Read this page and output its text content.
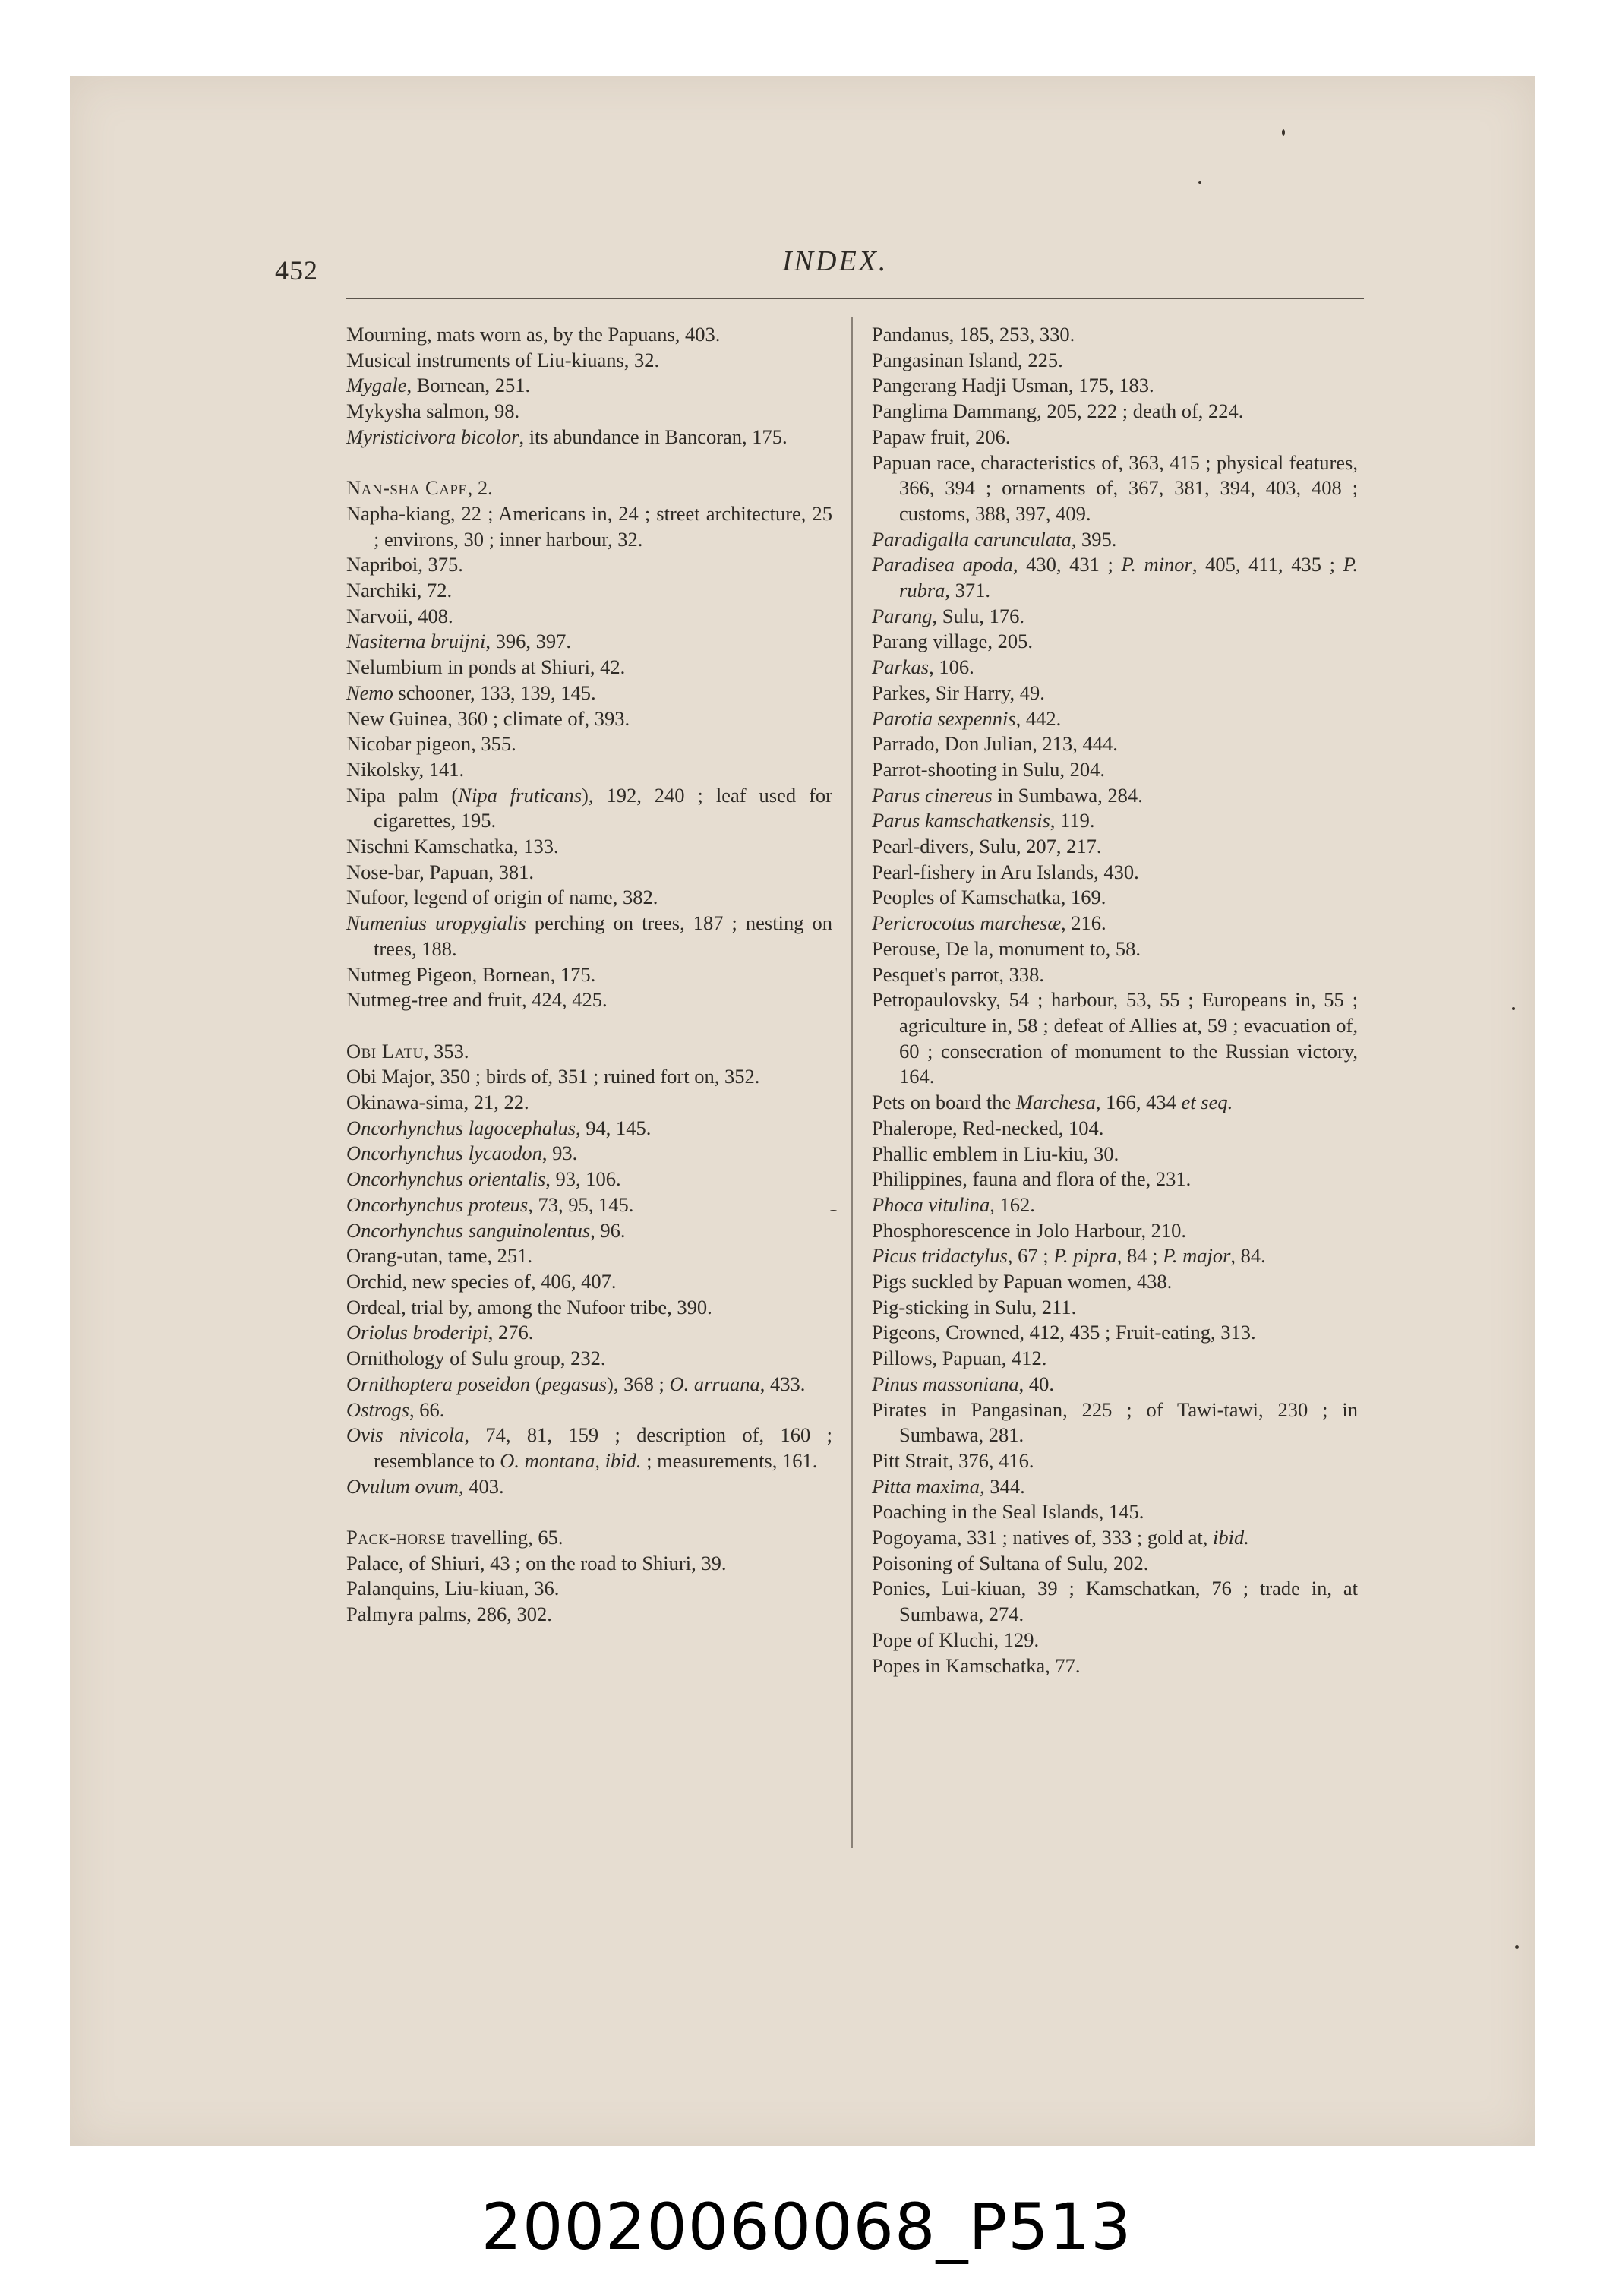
452	INDEX.
Mourning, mats worn as, by the Papuans, 403.
Musical instruments of Liu-kiuans, 32.
Mygale, Bornean, 251.
Mykysha salmon, 98.
Myristicivora bicolor, its abundance in Bancoran, 175.
Nan-sha Cape, 2.
Napha-kiang, 22 ; Americans in, 24 ; street architecture, 25 ; environs, 30 ; inner harbour, 32.
Napriboi, 375.
Narchiki, 72.
Narvoii, 408.
Nasiterna bruijni, 396, 397.
Nelumbium in ponds at Shiuri, 42.
Nemo schooner, 133, 139, 145.
New Guinea, 360 ; climate of, 393.
Nicobar pigeon, 355.
Nikolsky, 141.
Nipa palm (Nipa fruticans), 192, 240 ; leaf used for cigarettes, 195.
Nischni Kamschatka, 133.
Nose-bar, Papuan, 381.
Nufoor, legend of origin of name, 382.
Numenius uropygialis perching on trees, 187 ; nesting on trees, 188.
Nutmeg Pigeon, Bornean, 175.
Nutmeg-tree and fruit, 424, 425.
Obi Latu, 353.
Obi Major, 350 ; birds of, 351 ; ruined fort on, 352.
Okinawa-sima, 21, 22.
Oncorhynchus lagocephalus, 94, 145.
Oncorhynchus lycaodon, 93.
Oncorhynchus orientalis, 93, 106.
Oncorhynchus proteus, 73, 95, 145.
Oncorhynchus sanguinolentus, 96.
Orang-utan, tame, 251.
Orchid, new species of, 406, 407.
Ordeal, trial by, among the Nufoor tribe, 390.
Oriolus broderipi, 276.
Ornithology of Sulu group, 232.
Ornithoptera poseidon (pegasus), 368 ; O. arruana, 433.
Ostrogs, 66.
Ovis nivicola, 74, 81, 159 ; description of, 160 ; resemblance to O. montana, ibid. ; measurements, 161.
Ovulum ovum, 403.
Pack-horse travelling, 65.
Palace, of Shiuri, 43 ; on the road to Shiuri, 39.
Palanquins, Liu-kiuan, 36.
Palmyra palms, 286, 302.
Pandanus, 185, 253, 330.
Pangasinan Island, 225.
Pangerang Hadji Usman, 175, 183.
Panglima Dammang, 205, 222 ; death of, 224.
Papaw fruit, 206.
Papuan race, characteristics of, 363, 415 ; physical features, 366, 394 ; ornaments of, 367, 381, 394, 403, 408 ; customs, 388, 397, 409.
Paradigalla carunculata, 395.
Paradisea apoda, 430, 431 ; P. minor, 405, 411, 435 ; P. rubra, 371.
Parang, Sulu, 176.
Parang village, 205.
Parkas, 106.
Parkes, Sir Harry, 49.
Parotia sexpennis, 442.
Parrado, Don Julian, 213, 444.
Parrot-shooting in Sulu, 204.
Parus cinereus in Sumbawa, 284.
Parus kamschatkensis, 119.
Pearl-divers, Sulu, 207, 217.
Pearl-fishery in Aru Islands, 430.
Peoples of Kamschatka, 169.
Pericrocotus marchesæ, 216.
Perouse, De la, monument to, 58.
Pesquet's parrot, 338.
Petropaulovsky, 54 ; harbour, 53, 55 ; Europeans in, 55 ; agriculture in, 58 ; defeat of Allies at, 59 ; evacuation of, 60 ; consecration of monument to the Russian victory, 164.
Pets on board the Marchesa, 166, 434 et seq.
Phalerope, Red-necked, 104.
Phallic emblem in Liu-kiu, 30.
Philippines, fauna and flora of the, 231.
Phoca vitulina, 162.
Phosphorescence in Jolo Harbour, 210.
Picus tridactylus, 67 ; P. pipra, 84 ; P. major, 84.
Pigs suckled by Papuan women, 438.
Pig-sticking in Sulu, 211.
Pigeons, Crowned, 412, 435 ; Fruit-eating, 313.
Pillows, Papuan, 412.
Pinus massoniana, 40.
Pirates in Pangasinan, 225 ; of Tawi-tawi, 230 ; in Sumbawa, 281.
Pitt Strait, 376, 416.
Pitta maxima, 344.
Poaching in the Seal Islands, 145.
Pogoyama, 331 ; natives of, 333 ; gold at, ibid.
Poisoning of Sultana of Sulu, 202.
Ponies, Lui-kiuan, 39 ; Kamschatkan, 76 ; trade in, at Sumbawa, 274.
Pope of Kluchi, 129.
Popes in Kamschatka, 77.
20020060068_P513
